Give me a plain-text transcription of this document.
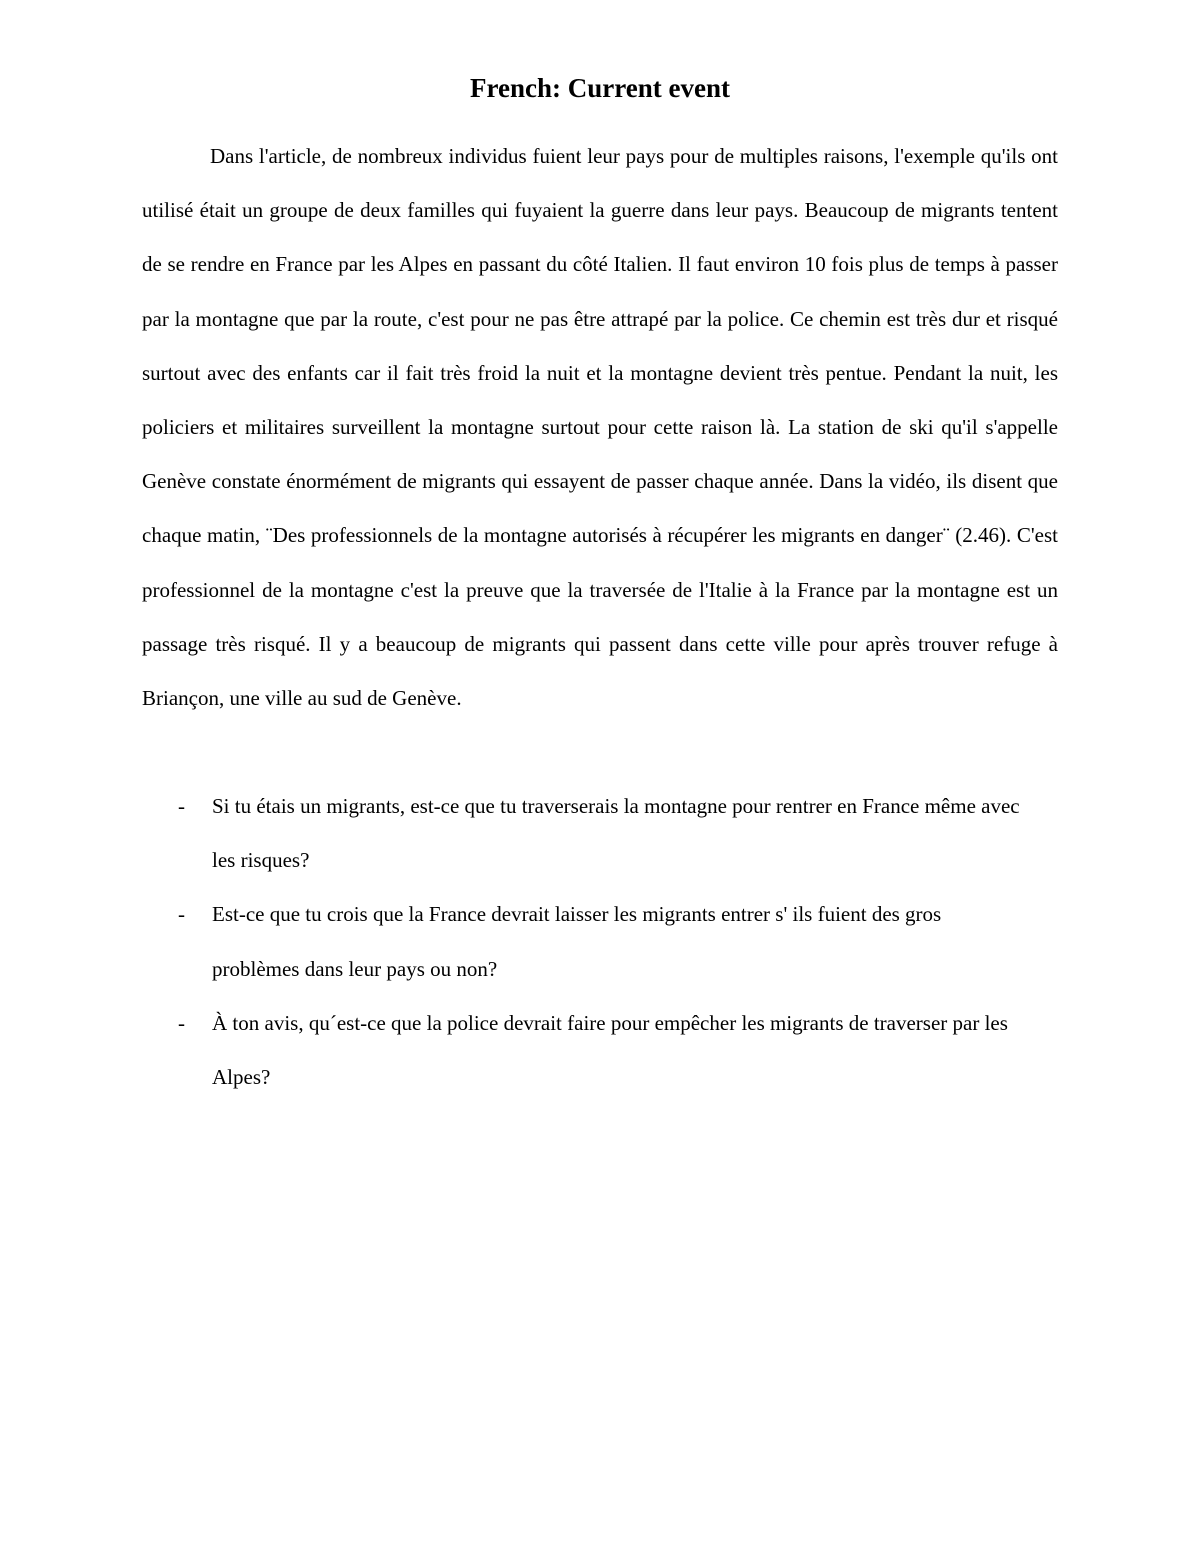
French: Current event

Dans l'article, de nombreux individus fuient leur pays pour de multiples raisons, l'exemple qu'ils ont utilisé était un groupe de deux familles qui fuyaient la guerre dans leur pays. Beaucoup de migrants tentent de se rendre en France par les Alpes en passant du côté Italien. Il faut environ 10 fois plus de temps à passer par la montagne que par la route, c'est pour ne pas être attrapé par la police. Ce chemin est très dur et risqué surtout avec des enfants car il fait très froid la nuit et la montagne devient très pentue. Pendant la nuit, les policiers et militaires surveillent la montagne surtout pour cette raison là. La station de ski qu'il s'appelle Genève constate énormément de migrants qui essayent de passer chaque année. Dans la vidéo, ils disent que chaque matin, ¨Des professionnels de la montagne autorisés à récupérer les migrants en danger¨ (2.46). C'est professionnel de la montagne c'est la preuve que la traversée de l'Italie à la France par la montagne est un passage très risqué. Il y a beaucoup de migrants qui passent dans cette ville pour après trouver refuge à Briançon, une ville au sud de Genève.

- Si tu étais un migrants, est-ce que tu traverserais la montagne pour rentrer en France même avec les risques?
- Est-ce que tu crois que la France devrait laisser les migrants entrer s' ils fuient des gros problèmes dans leur pays ou non?
- À ton avis, qu´est-ce que la police devrait faire pour empêcher les migrants de traverser par les Alpes?
